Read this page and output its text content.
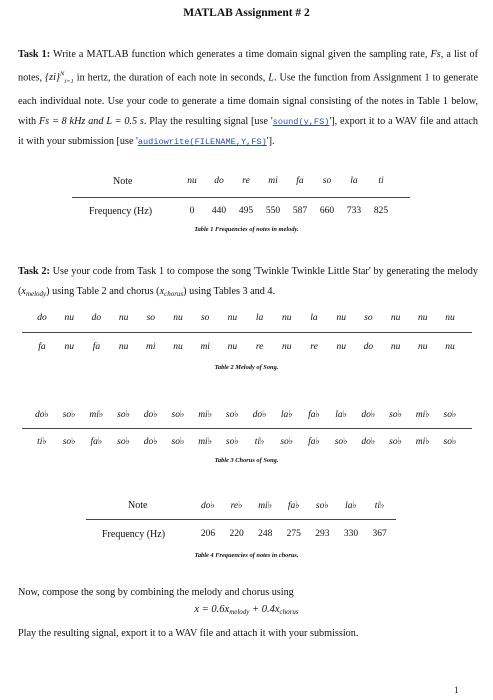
MATLAB Assignment # 2
Task 1: Write a MATLAB function which generates a time domain signal given the sampling rate, Fs, a list of notes, {zi}$^N_{i=1}$ in hertz, the duration of each note in seconds, L. Use the function from Assignment 1 to generate each individual note. Use your code to generate a time domain signal consisting of the notes in Table 1 below, with Fs = 8 kHz and L = 0.5 s. Play the resulting signal [use 'sound(y,FS)'], export it to a WAV file and attach it with your submission [use 'audiowrite(FILENAME,Y,FS)'].
Note	nu	do	re	mi	fa	so	la	ti
Frequency (Hz)	0	440	495	550	587	660	733	825
Table 1 Frequencies of notes in melody.
Task 2: Use your code from Task 1 to compose the song 'Twinkle Twinkle Little Star' by generating the melody $(x_{melody})$ using Table 2 and chorus $(x_{chorus})$ using Tables 3 and 4.
do	nu	do	nu	so	nu	so	nu	la	nu	la	nu	so	nu	nu	nu
fa	nu	fa	nu	mi	nu	mi	nu	re	nu	re	nu	do	nu	nu	nu
Table 2 Melody of Song.
do♭	so♭	mi♭	so♭	do♭	so♭	mi♭	so♭	do♭	la♭	fa♭	la♭	do♭	so♭	mi♭	so♭
ti♭	so♭	fa♭	so♭	do♭	so♭	mi♭	so♭	ti♭	so♭	fa♭	so♭	do♭	so♭	mi♭	so♭
Table 3 Chorus of Song.
Note	do♭	re♭	mi♭	fa♭	so♭	la♭	ti♭
Frequency (Hz)	206	220	248	275	293	330	367
Table 4 Frequencies of notes in chorus.
Now, compose the song by combining the melody and chorus using
$x = 0.6x_{melody} + 0.4x_{chorus}$
Play the resulting signal, export it to a WAV file and attach it with your submission.
1
